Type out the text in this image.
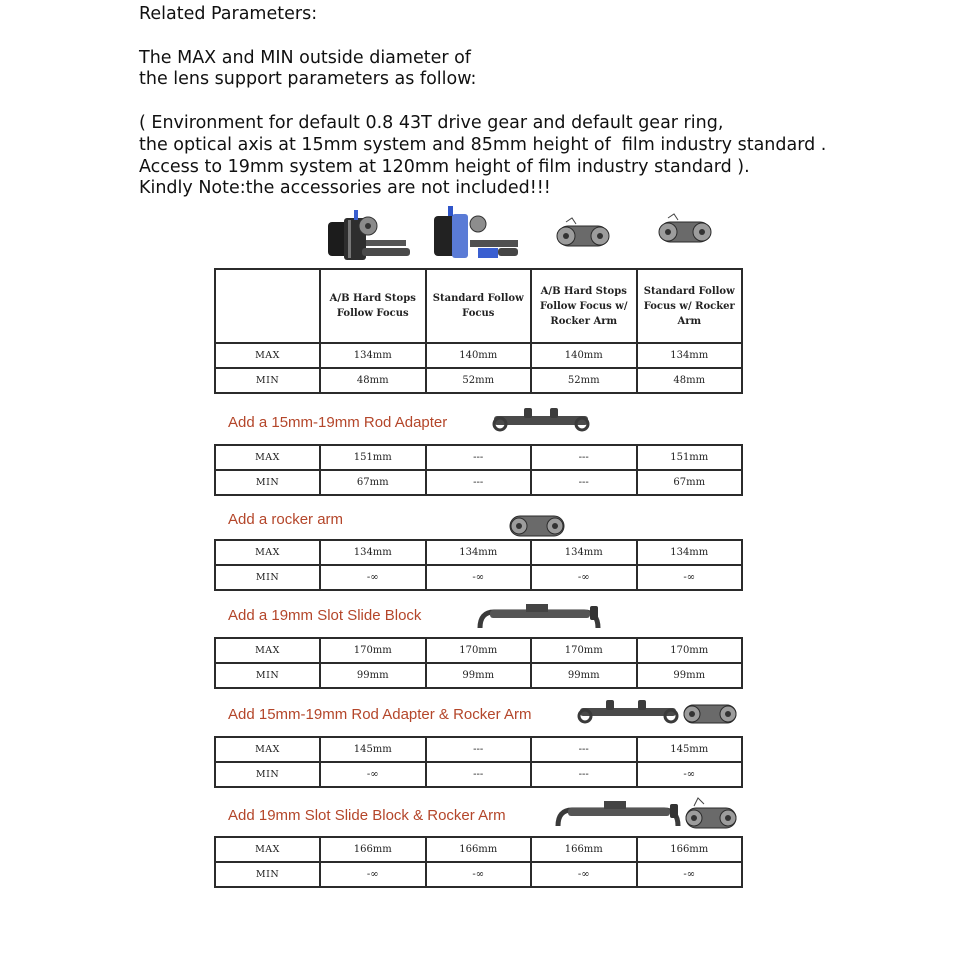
Related Parameters:
The MAX and MIN outside diameter of
the lens support parameters as follow:
( Environment for default 0.8 43T drive gear and default gear ring,
the optical axis at 15mm system and 85mm height of  film industry standard .
Access to 19mm system at 120mm height of film industry standard ).
Kindly Note:the accessories are not included!!!
	A/B Hard Stops Follow Focus	Standard Follow Focus	A/B Hard Stops Follow Focus w/ Rocker Arm	Standard Follow Focus w/ Rocker Arm
MAX	134mm	140mm	140mm	134mm
MIN	48mm	52mm	52mm	48mm
Add a 15mm-19mm Rod Adapter
MAX	151mm	---	---	151mm
MIN	67mm	---	---	67mm
Add a rocker arm
MAX	134mm	134mm	134mm	134mm
MIN	-∞	-∞	-∞	-∞
Add a 19mm Slot Slide Block
MAX	170mm	170mm	170mm	170mm
MIN	99mm	99mm	99mm	99mm
Add 15mm-19mm Rod Adapter & Rocker Arm
MAX	145mm	---	---	145mm
MIN	-∞	---	---	-∞
Add 19mm Slot Slide Block & Rocker Arm
MAX	166mm	166mm	166mm	166mm
MIN	-∞	-∞	-∞	-∞
